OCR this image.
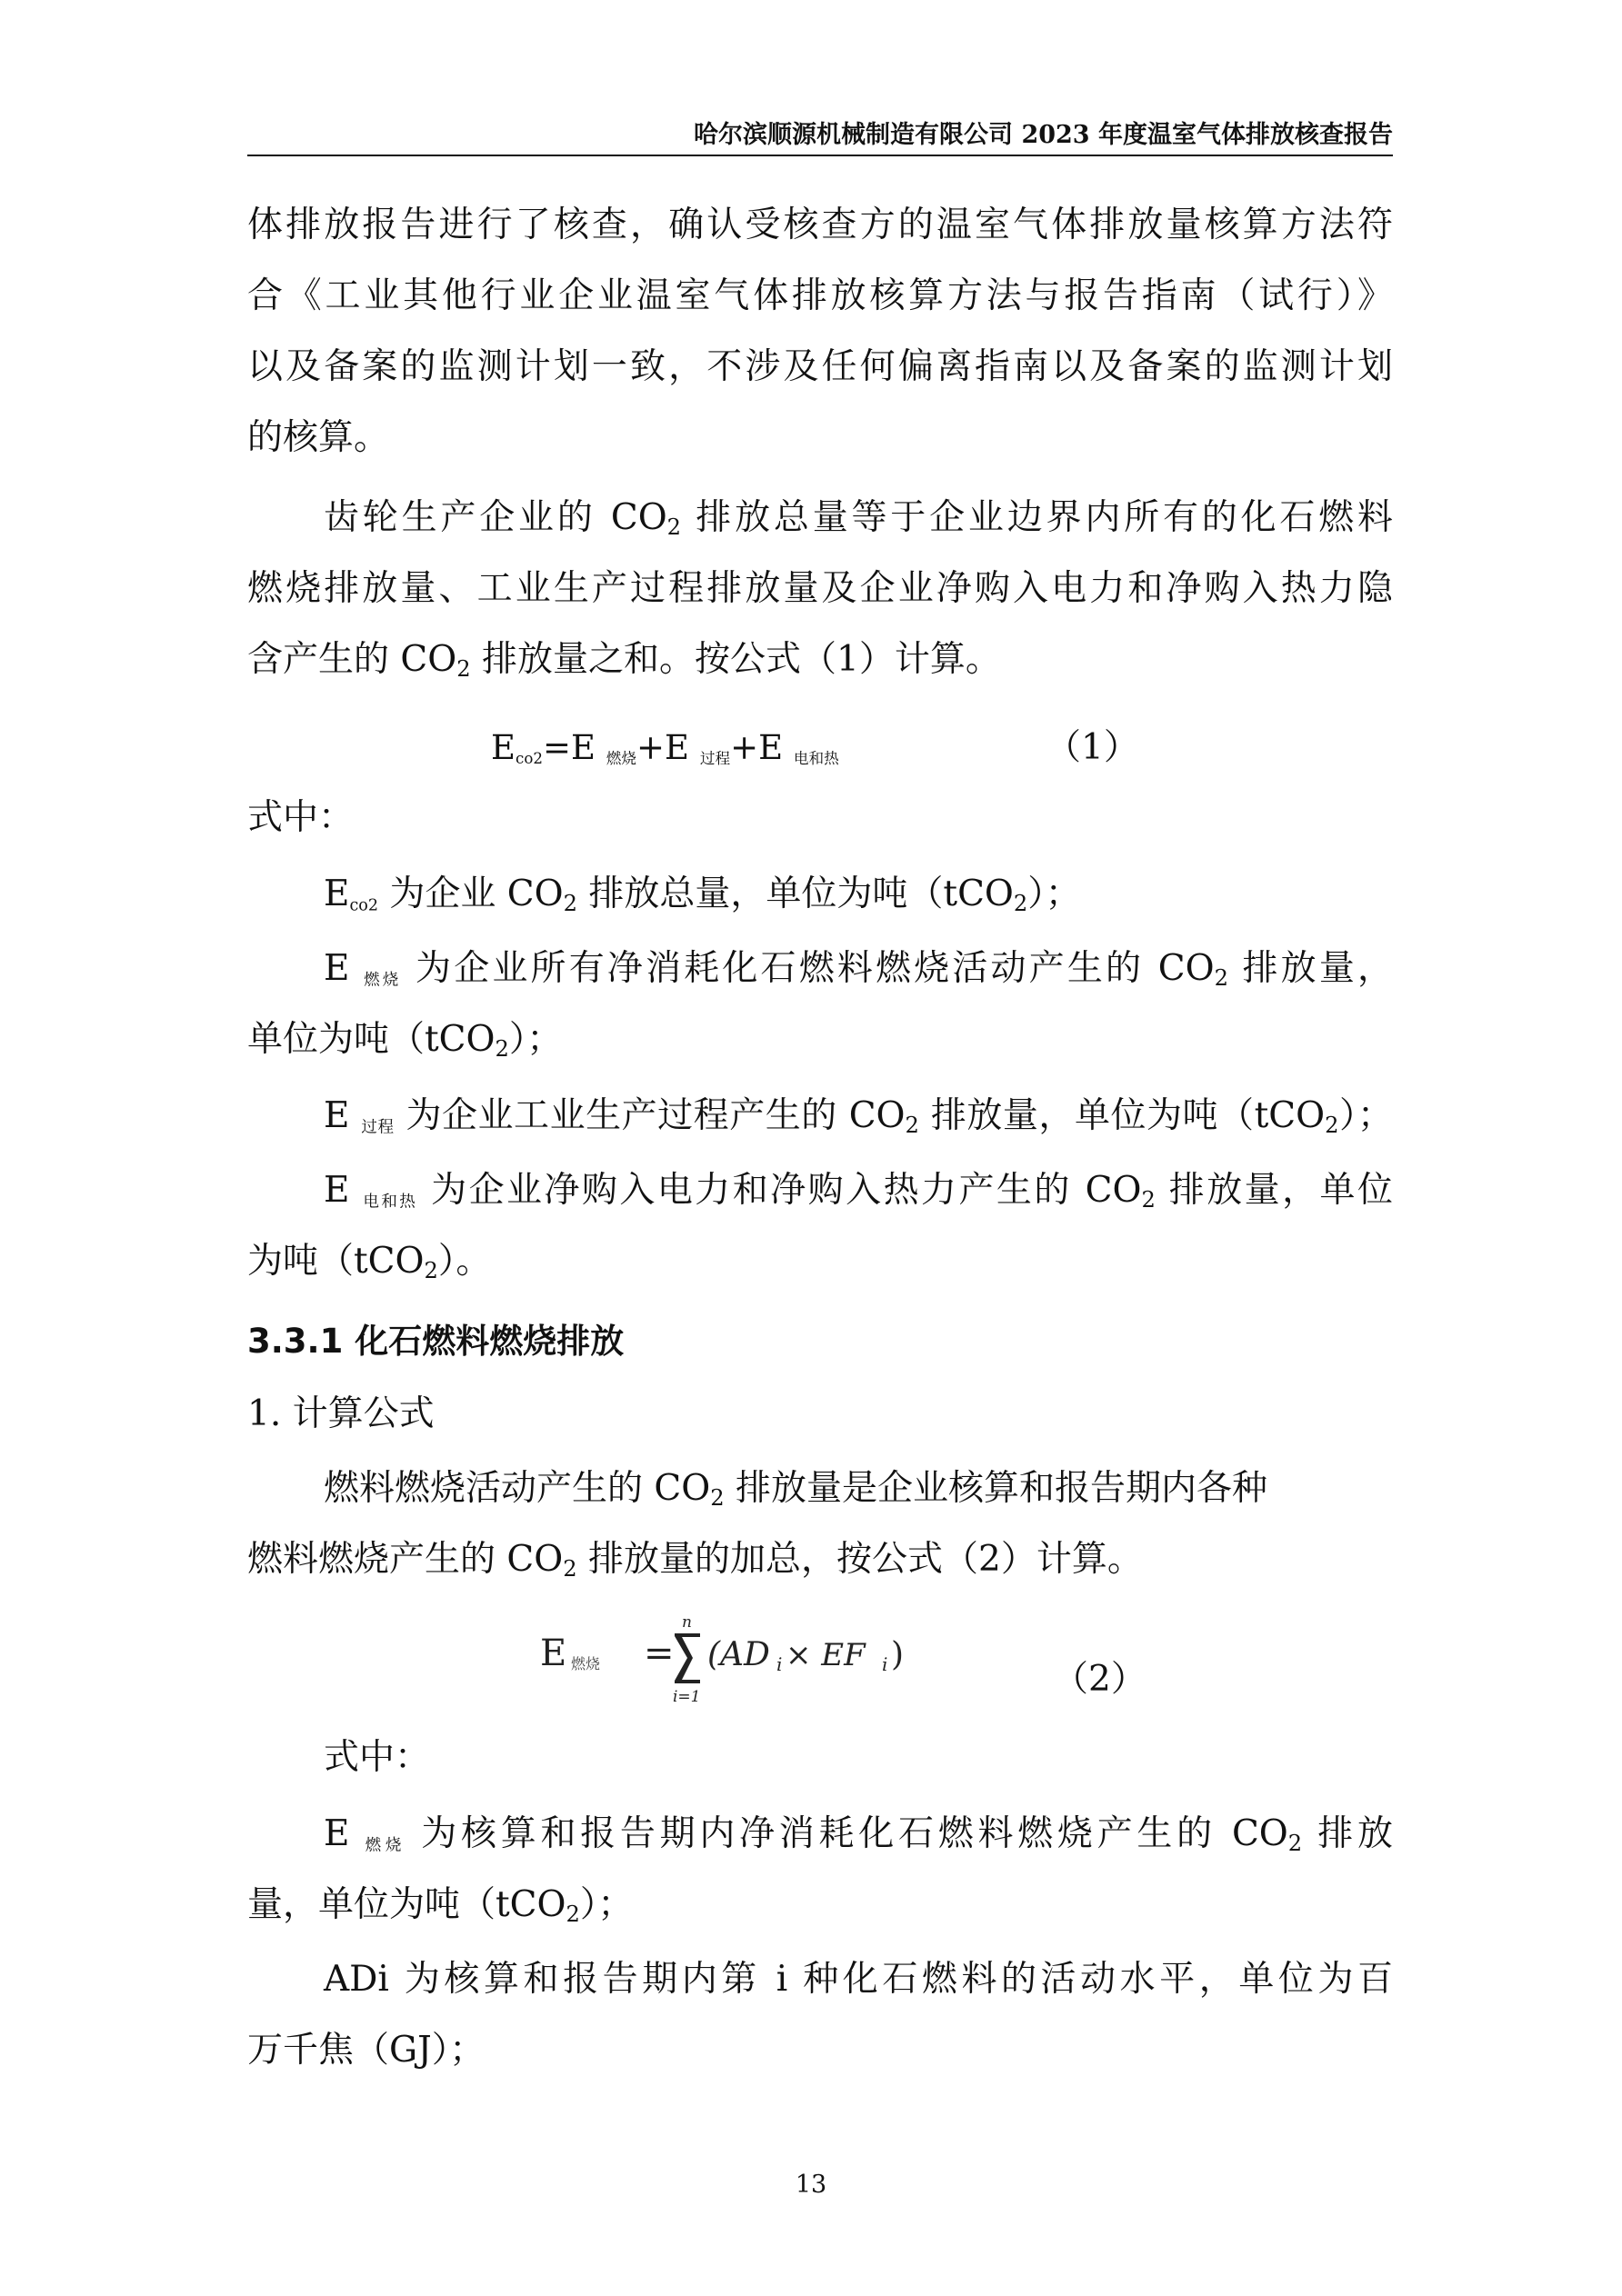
哈尔滨顺源机械制造有限公司 2023 年度温室气体排放核查报告
体排放报告进行了核查，确认受核查方的温室气体排放量核算方法符
合《工业其他行业企业温室气体排放核算方法与报告指南（试行）》
以及备案的监测计划一致，不涉及任何偏离指南以及备案的监测计划
的核算。
齿轮生产企业的 $CO_2$ 排放总量等于企业边界内所有的化石燃料
燃烧排放量、工业生产过程排放量及企业净购入电力和净购入热力隐
含产生的 $CO_2$ 排放量之和。按公式（1）计算。
Eco2=E 燃烧+E 过程+E 电和热	（1）
式中：
Eco2 为企业 $CO_2$ 排放总量，单位为吨（tCO$_2$）；
E 燃烧 为企业所有净消耗化石燃料燃烧活动产生的 $CO_2$ 排放量，
单位为吨（tCO$_2$）；
E 过程 为企业工业生产过程产生的 $CO_2$ 排放量，单位为吨（tCO$_2$）；
E 电和热 为企业净购入电力和净购入热力产生的 $CO_2$ 排放量，单位
为吨（tCO$_2$）。
3.3.1 化石燃料燃烧排放
1. 计算公式
燃料燃烧活动产生的 $CO_2$ 排放量是企业核算和报告期内各种
燃料燃烧产生的 $CO_2$ 排放量的加总，按公式（2）计算。
E 燃烧 =
n
i=1
(AD i × EF i )
（2）
式中：
E 燃烧 为核算和报告期内净消耗化石燃料燃烧产生的 $CO_2$ 排放
量，单位为吨（tCO$_2$）；
ADi 为核算和报告期内第 i 种化石燃料的活动水平，单位为百
万千焦（GJ）；
13
